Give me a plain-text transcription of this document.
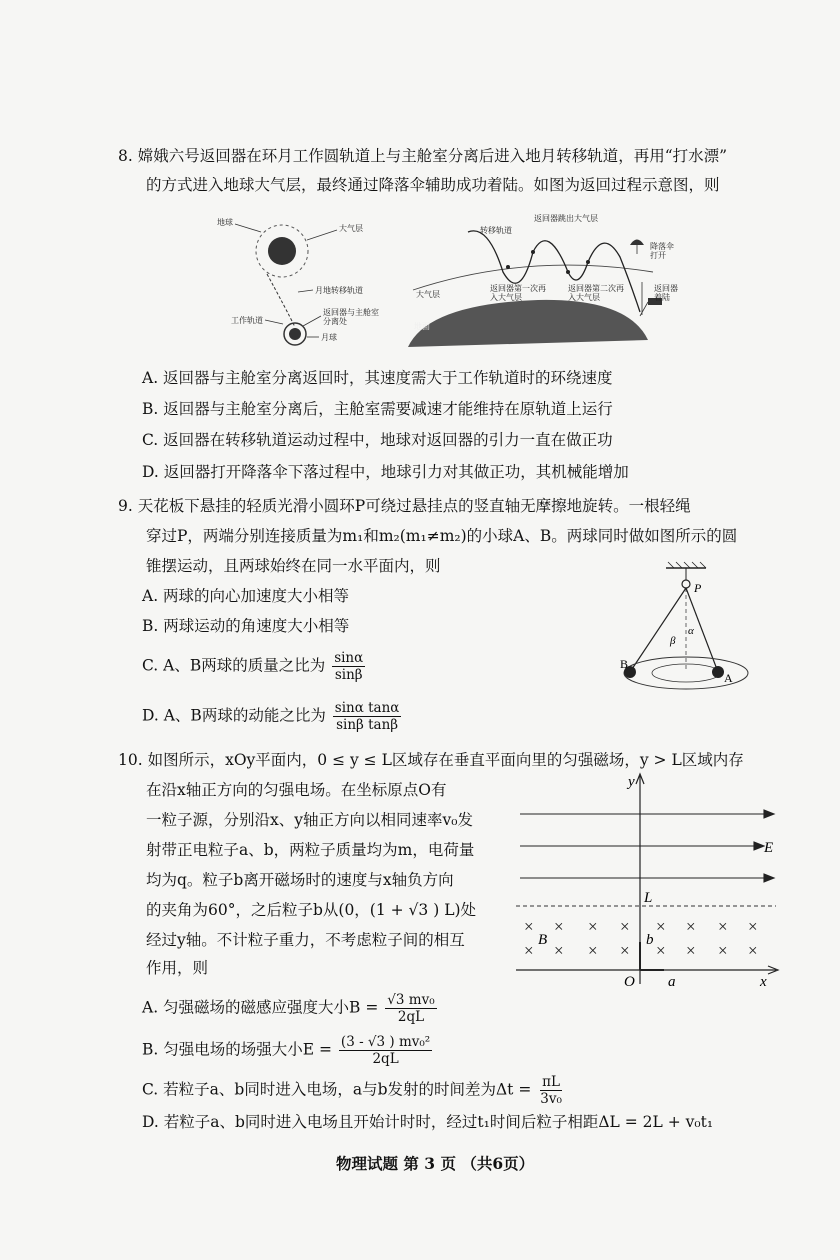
8. 嫦娥六号返回器在环月工作圆轨道上与主舱室分离后进入地月转移轨道，再用“打水漂”
的方式进入地球大气层，最终通过降落伞辅助成功着陆。如图为返回过程示意图，则
地球
大气层
月地转移轨道
工作轨道
返回器与主舱室分离处
月球
转移轨道
返回器跳出大气层
大气层
返回器第一次再入大气层
返回器第二次再入大气层
降落伞打开
返回器着陆
地面
A. 返回器与主舱室分离返回时，其速度需大于工作轨道时的环绕速度
B. 返回器与主舱室分离后，主舱室需要减速才能维持在原轨道上运行
C. 返回器在转移轨道运动过程中，地球对返回器的引力一直在做正功
D. 返回器打开降落伞下落过程中，地球引力对其做正功，其机械能增加
9. 天花板下悬挂的轻质光滑小圆环P可绕过悬挂点的竖直轴无摩擦地旋转。一根轻绳
穿过P，两端分别连接质量为m₁和m₂(m₁≠m₂)的小球A、B。两球同时做如图所示的圆
锥摆运动，且两球始终在同一水平面内，则
A. 两球的向心加速度大小相等
B. 两球运动的角速度大小相等
C. A、B两球的质量之比为 $\frac{\sin\alpha}{\sin\beta}$
D. A、B两球的动能之比为 $\frac{\text{sinα tanα}}{\text{sinβ tanβ}}$
P
B
A
α
β
10. 如图所示，xOy平面内，0 ≤ y ≤ L区域存在垂直平面向里的匀强磁场，y > L区域内存
在沿x轴正方向的匀强电场。在坐标原点O有
一粒子源，分别沿x、y轴正方向以相同速率v₀发
射带正电粒子a、b，两粒子质量均为m，电荷量
均为q。粒子b离开磁场时的速度与x轴负方向
的夹角为60°，之后粒子b从(0，(1 + √3 ) L)处
经过y轴。不计粒子重力，不考虑粒子间的相互
作用，则
× × × × × × × ×
× × × × × × × ×
y
x
E
L
B
O a
b
A. 匀强磁场的磁感应强度大小$B = \frac{\text{√3 mv₀}}{2qL}$
B. 匀强电场的场强大小$E = \frac{\text{(3 - √3 ) mv₀²}}{2qL}$
C. 若粒子a、b同时进入电场，a与b发射的时间差为$\Delta t = \frac{\pi L}{\text{3v₀}}$
D. 若粒子a、b同时进入电场且开始计时时，经过t₁时间后粒子相距ΔL = 2L + v₀t₁
物理试题 第 3 页 （共6页）
